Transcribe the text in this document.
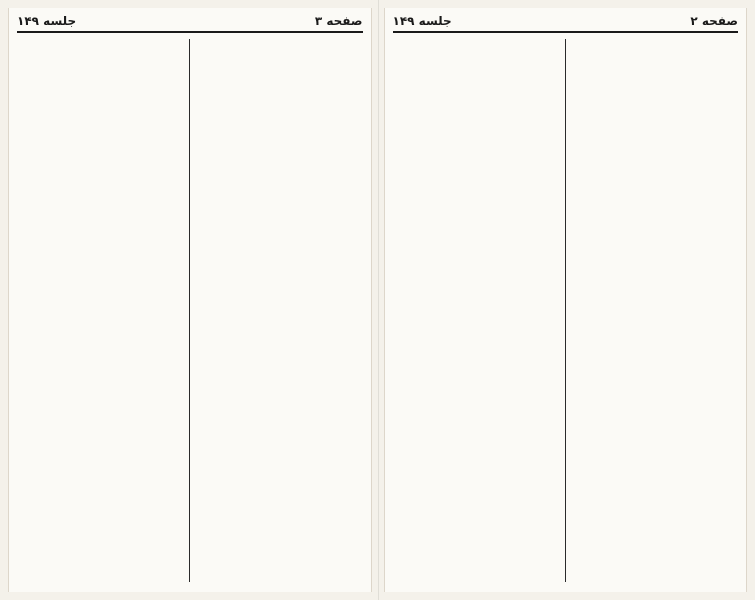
صفحه ۳
جلسه ۱۴۹	صفحه ۲
جلسه ۱۴۹
